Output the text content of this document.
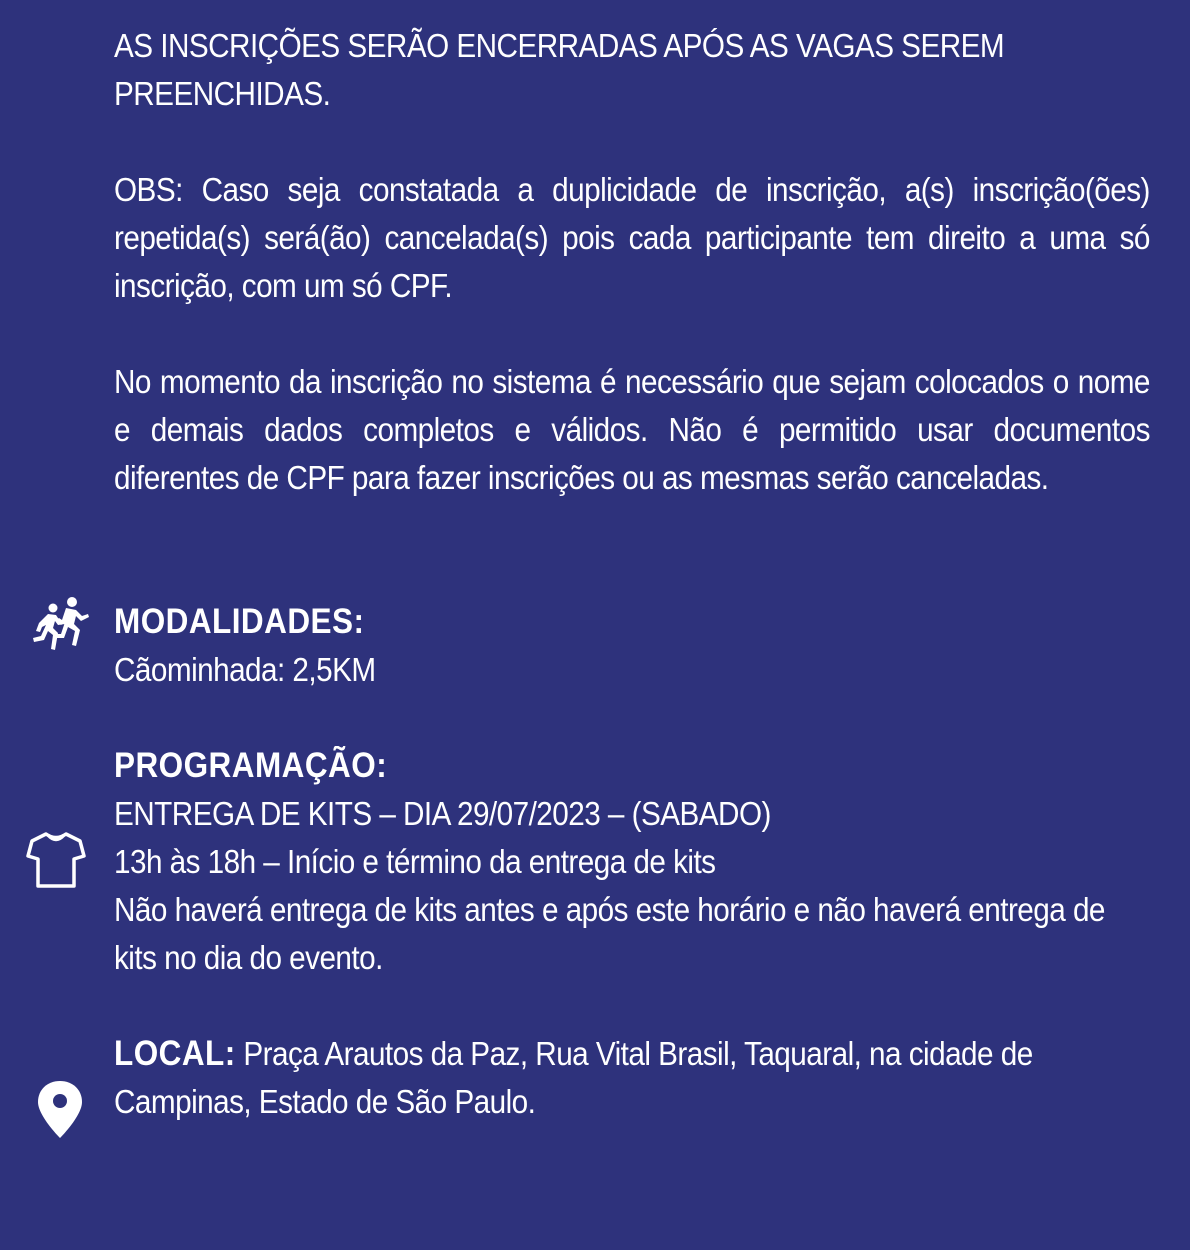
AS INSCRIÇÕES SERÃO ENCERRADAS APÓS AS VAGAS SEREM
PREENCHIDAS.
OBS: Caso seja constatada a duplicidade de inscrição, a(s) inscrição(ões) repetida(s) será(ão) cancelada(s) pois cada participante tem direito a uma só inscrição, com um só CPF.
No momento da inscrição no sistema é necessário que sejam colocados o nome e demais dados completos e válidos. Não é permitido usar documentos diferentes de CPF para fazer inscrições ou as mesmas serão canceladas.
MODALIDADES:
Cãominhada: 2,5KM
PROGRAMAÇÃO:
ENTREGA DE KITS – DIA 29/07/2023 – (SABADO)
13h às 18h – Início e término da entrega de kits
Não haverá entrega de kits antes e após este horário e não haverá entrega de kits no dia do evento.
LOCAL: Praça Arautos da Paz, Rua Vital Brasil, Taquaral, na cidade de Campinas, Estado de São Paulo.
